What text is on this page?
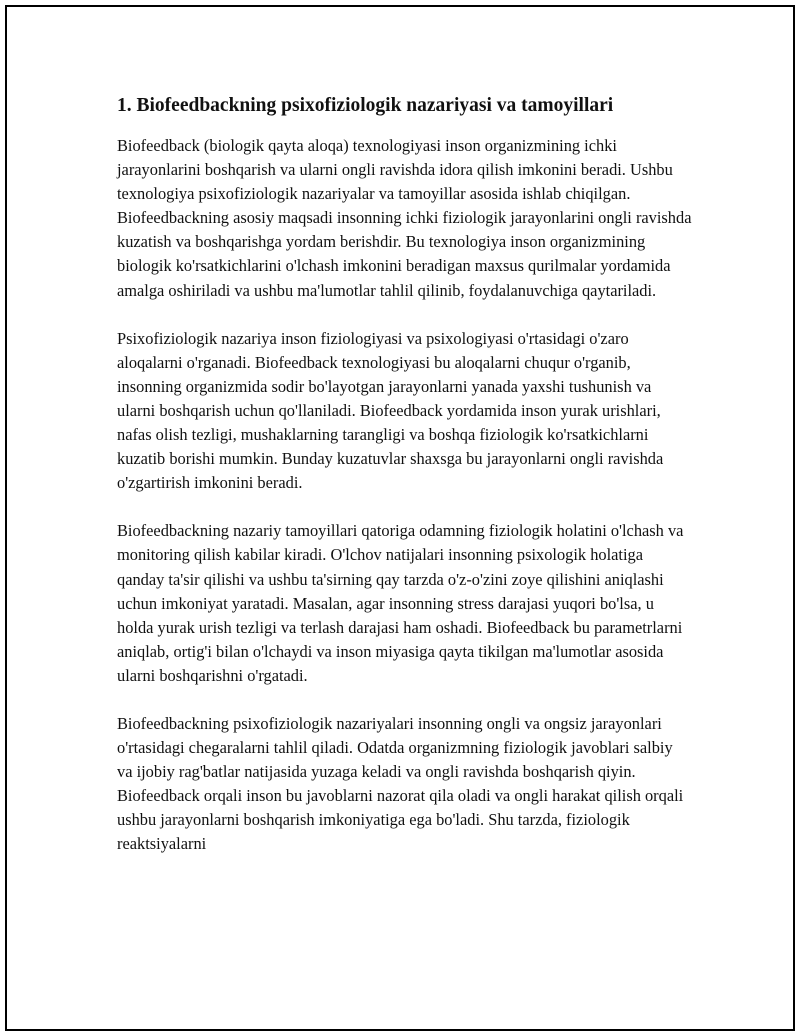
1. Biofeedbackning psixofiziologik nazariyasi va tamoyillari

Biofeedback (biologik qayta aloqa) texnologiyasi inson organizmining ichki jarayonlarini boshqarish va ularni ongli ravishda idora qilish imkonini beradi. Ushbu texnologiya psixofiziologik nazariyalar va tamoyillar asosida ishlab chiqilgan. Biofeedbackning asosiy maqsadi insonning ichki fiziologik jarayonlarini ongli ravishda kuzatish va boshqarishga yordam berishdir. Bu texnologiya inson organizmining biologik ko'rsatkichlarini o'lchash imkonini beradigan maxsus qurilmalar yordamida amalga oshiriladi va ushbu ma'lumotlar tahlil qilinib, foydalanuvchiga qaytariladi.

Psixofiziologik nazariya inson fiziologiyasi va psixologiyasi o'rtasidagi o'zaro aloqalarni o'rganadi. Biofeedback texnologiyasi bu aloqalarni chuqur o'rganib, insonning organizmida sodir bo'layotgan jarayonlarni yanada yaxshi tushunish va ularni boshqarish uchun qo'llaniladi. Biofeedback yordamida inson yurak urishlari, nafas olish tezligi, mushaklarning tarangligi va boshqa fiziologik ko'rsatkichlarni kuzatib borishi mumkin. Bunday kuzatuvlar shaxsga bu jarayonlarni ongli ravishda o'zgartirish imkonini beradi.

Biofeedbackning nazariy tamoyillari qatoriga odamning fiziologik holatini o'lchash va monitoring qilish kabilar kiradi. O'lchov natijalari insonning psixologik holatiga qanday ta'sir qilishi va ushbu ta'sirning qay tarzda o'z-o'zini zoye qilishini aniqlashi uchun imkoniyat yaratadi. Masalan, agar insonning stress darajasi yuqori bo'lsa, u holda yurak urish tezligi va terlash darajasi ham oshadi. Biofeedback bu parametrlarni aniqlab, ortig'i bilan o'lchaydi va inson miyasiga qayta tikilgan ma'lumotlar asosida ularni boshqarishni o'rgatadi.

Biofeedbackning psixofiziologik nazariyalari insonning ongli va ongsiz jarayonlari o'rtasidagi chegaralarni tahlil qiladi. Odatda organizmning fiziologik javoblari salbiy va ijobiy rag'batlar natijasida yuzaga keladi va ongli ravishda boshqarish qiyin. Biofeedback orqali inson bu javoblarni nazorat qila oladi va ongli harakat qilish orqali ushbu jarayonlarni boshqarish imkoniyatiga ega bo'ladi. Shu tarzda, fiziologik reaktsiyalarni
